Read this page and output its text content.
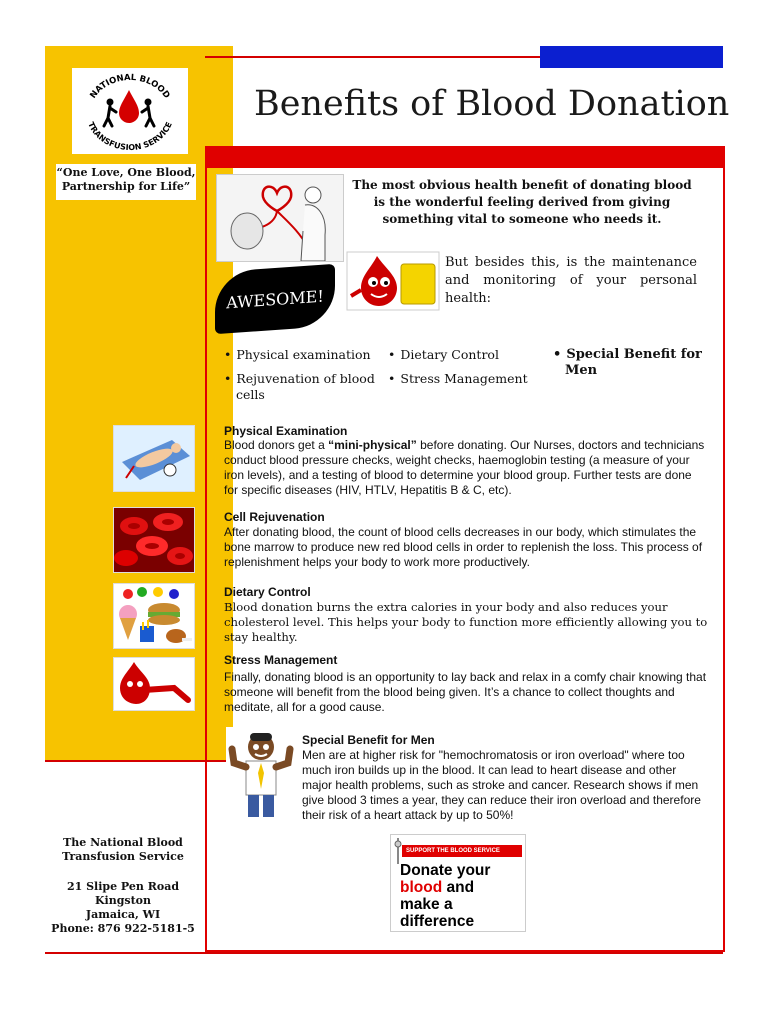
NATIONAL BLOOD
TRANSFUSION SERVICE
“One Love, One Blood,
Partnership for Life”
Benefits of Blood Donation
The most obvious health benefit of donating blood is the wonderful feeling derived from giving something vital to someone who needs it.
But besides this, is the maintenance and monitoring of your personal health:
AWESOME!
• Physical examination
• Rejuvenation of blood cells
• Dietary Control
• Stress Management
• Special Benefit for Men
Physical Examination
Blood donors get a “mini-physical” before donating. Our Nurses, doctors and technicians conduct blood pressure checks, weight checks, haemoglobin testing (a measure of your iron levels), and a testing of blood to determine your blood group. Further tests are done for specific diseases (HIV, HTLV, Hepatitis B & C, etc).
Cell Rejuvenation
After donating blood, the count of blood cells decreases in our body, which stimulates the bone marrow to produce new red blood cells in order to replenish the loss. This process of replenishment helps your body to work more productively.
Dietary Control
Blood donation burns the extra calories in your body and also reduces your cholesterol level. This helps your body to function more efficiently allowing you to stay healthy.
Stress Management
Finally, donating blood is an opportunity to lay back and relax in a comfy chair knowing that someone will benefit from the blood being given. It’s a chance to collect thoughts and meditate, all for a good cause.
Special Benefit for Men
Men are at higher risk for "hemochromatosis or iron overload" where too much iron builds up in the blood. It can lead to heart disease and other major health problems, such as stroke and cancer. Research shows if men give blood 3 times a year, they can reduce their iron overload and therefore their risk of a heart attack by up to 50%!
SUPPORT THE BLOOD SERVICE
Donate your
blood and
make a
difference
The National Blood
Transfusion Service
21 Slipe Pen Road
Kingston
Jamaica, WI
Phone: 876 922-5181-5
